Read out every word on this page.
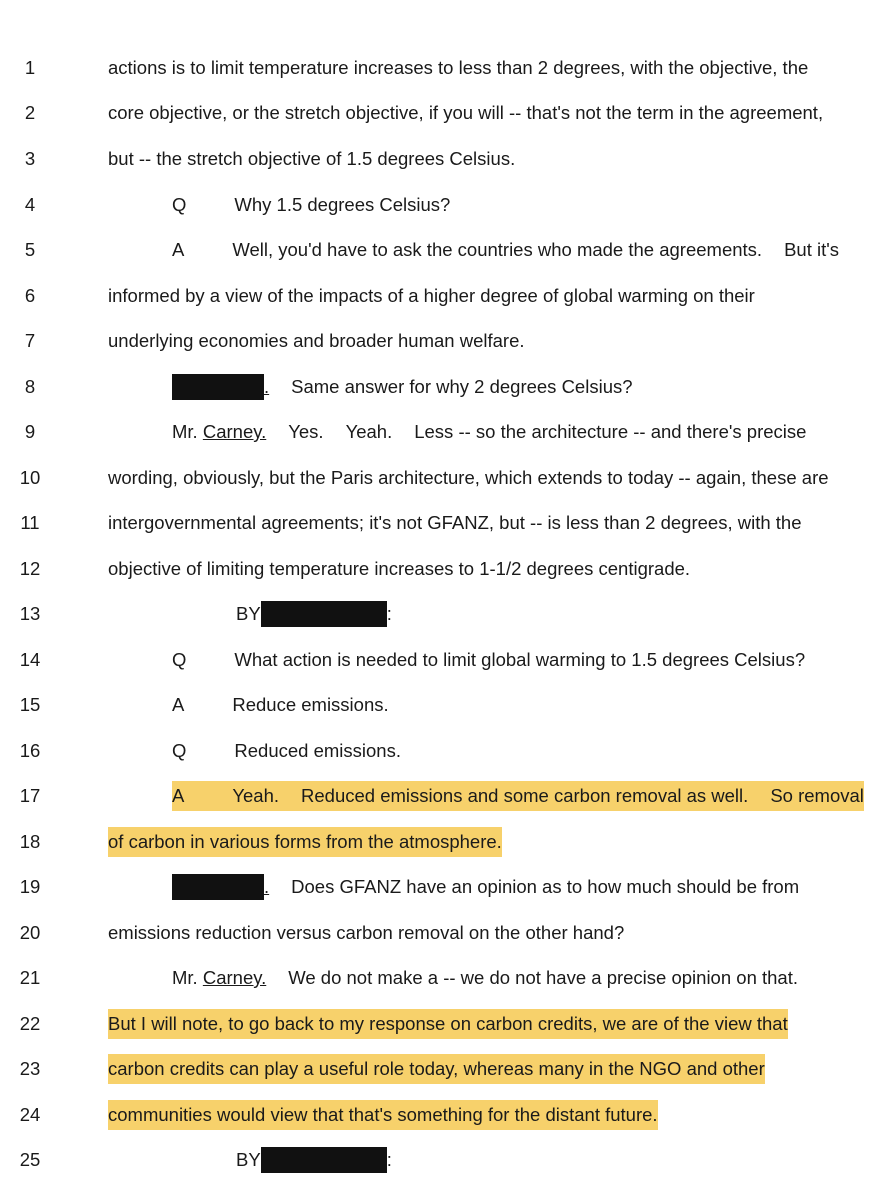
1	actions is to limit temperature increases to less than 2 degrees, with the objective, the
2	core objective, or the stretch objective, if you will -- that's not the term in the agreement,
3	but -- the stretch objective of 1.5 degrees Celsius.
4	Q	Why 1.5 degrees Celsius?
5	A	Well, you'd have to ask the countries who made the agreements. But it's
6	informed by a view of the impacts of a higher degree of global warming on their
7	underlying economies and broader human welfare.
8	. Same answer for why 2 degrees Celsius?
9	Mr. Carney. Yes. Yeah. Less -- so the architecture -- and there's precise
10	wording, obviously, but the Paris architecture, which extends to today -- again, these are
11	intergovernmental agreements; it's not GFANZ, but -- is less than 2 degrees, with the
12	objective of limiting temperature increases to 1-1/2 degrees centigrade.
13	BY	:
14	Q	What action is needed to limit global warming to 1.5 degrees Celsius?
15	A	Reduce emissions.
16	Q	Reduced emissions.
17	A	Yeah. Reduced emissions and some carbon removal as well. So removal
18	of carbon in various forms from the atmosphere.
19	. Does GFANZ have an opinion as to how much should be from
20	emissions reduction versus carbon removal on the other hand?
21	Mr. Carney. We do not make a -- we do not have a precise opinion on that.
22	But I will note, to go back to my response on carbon credits, we are of the view that
23	carbon credits can play a useful role today, whereas many in the NGO and other
24	communities would view that that's something for the distant future.
25	BY	:
